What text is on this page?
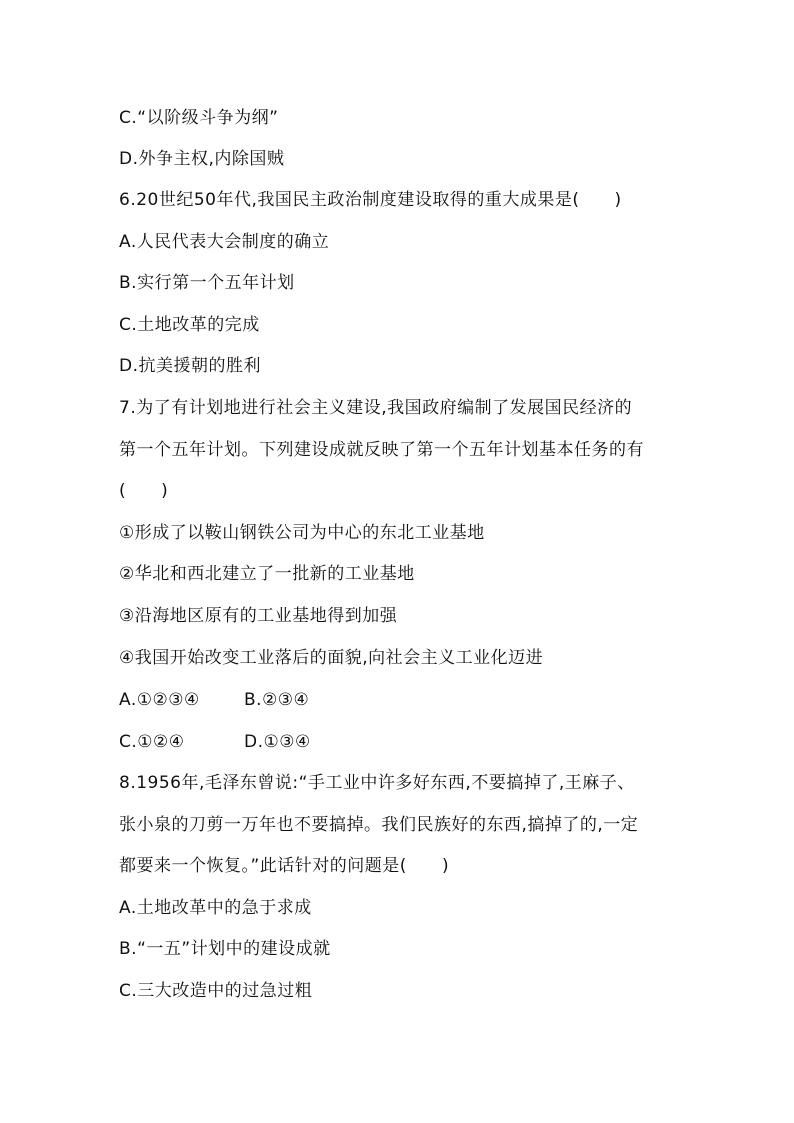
C.“以阶级斗争为纲”

D.外争主权,内除国贼

6.20世纪50年代,我国民主政治制度建设取得的重大成果是(　　)

A.人民代表大会制度的确立

B.实行第一个五年计划

C.土地改革的完成

D.抗美援朝的胜利

7.为了有计划地进行社会主义建设,我国政府编制了发展国民经济的

第一个五年计划。下列建设成就反映了第一个五年计划基本任务的有

(　　)

①形成了以鞍山钢铁公司为中心的东北工业基地

②华北和西北建立了一批新的工业基地

③沿海地区原有的工业基地得到加强

④我国开始改变工业落后的面貌,向社会主义工业化迈进

A.①②③④	B.②③④
C.①②④	D.①③④

8.1956年,毛泽东曾说:“手工业中许多好东西,不要搞掉了,王麻子、

张小泉的刀剪一万年也不要搞掉。我们民族好的东西,搞掉了的,一定

都要来一个恢复。”此话针对的问题是(　　)

A.土地改革中的急于求成

B.“一五”计划中的建设成就

C.三大改造中的过急过粗
